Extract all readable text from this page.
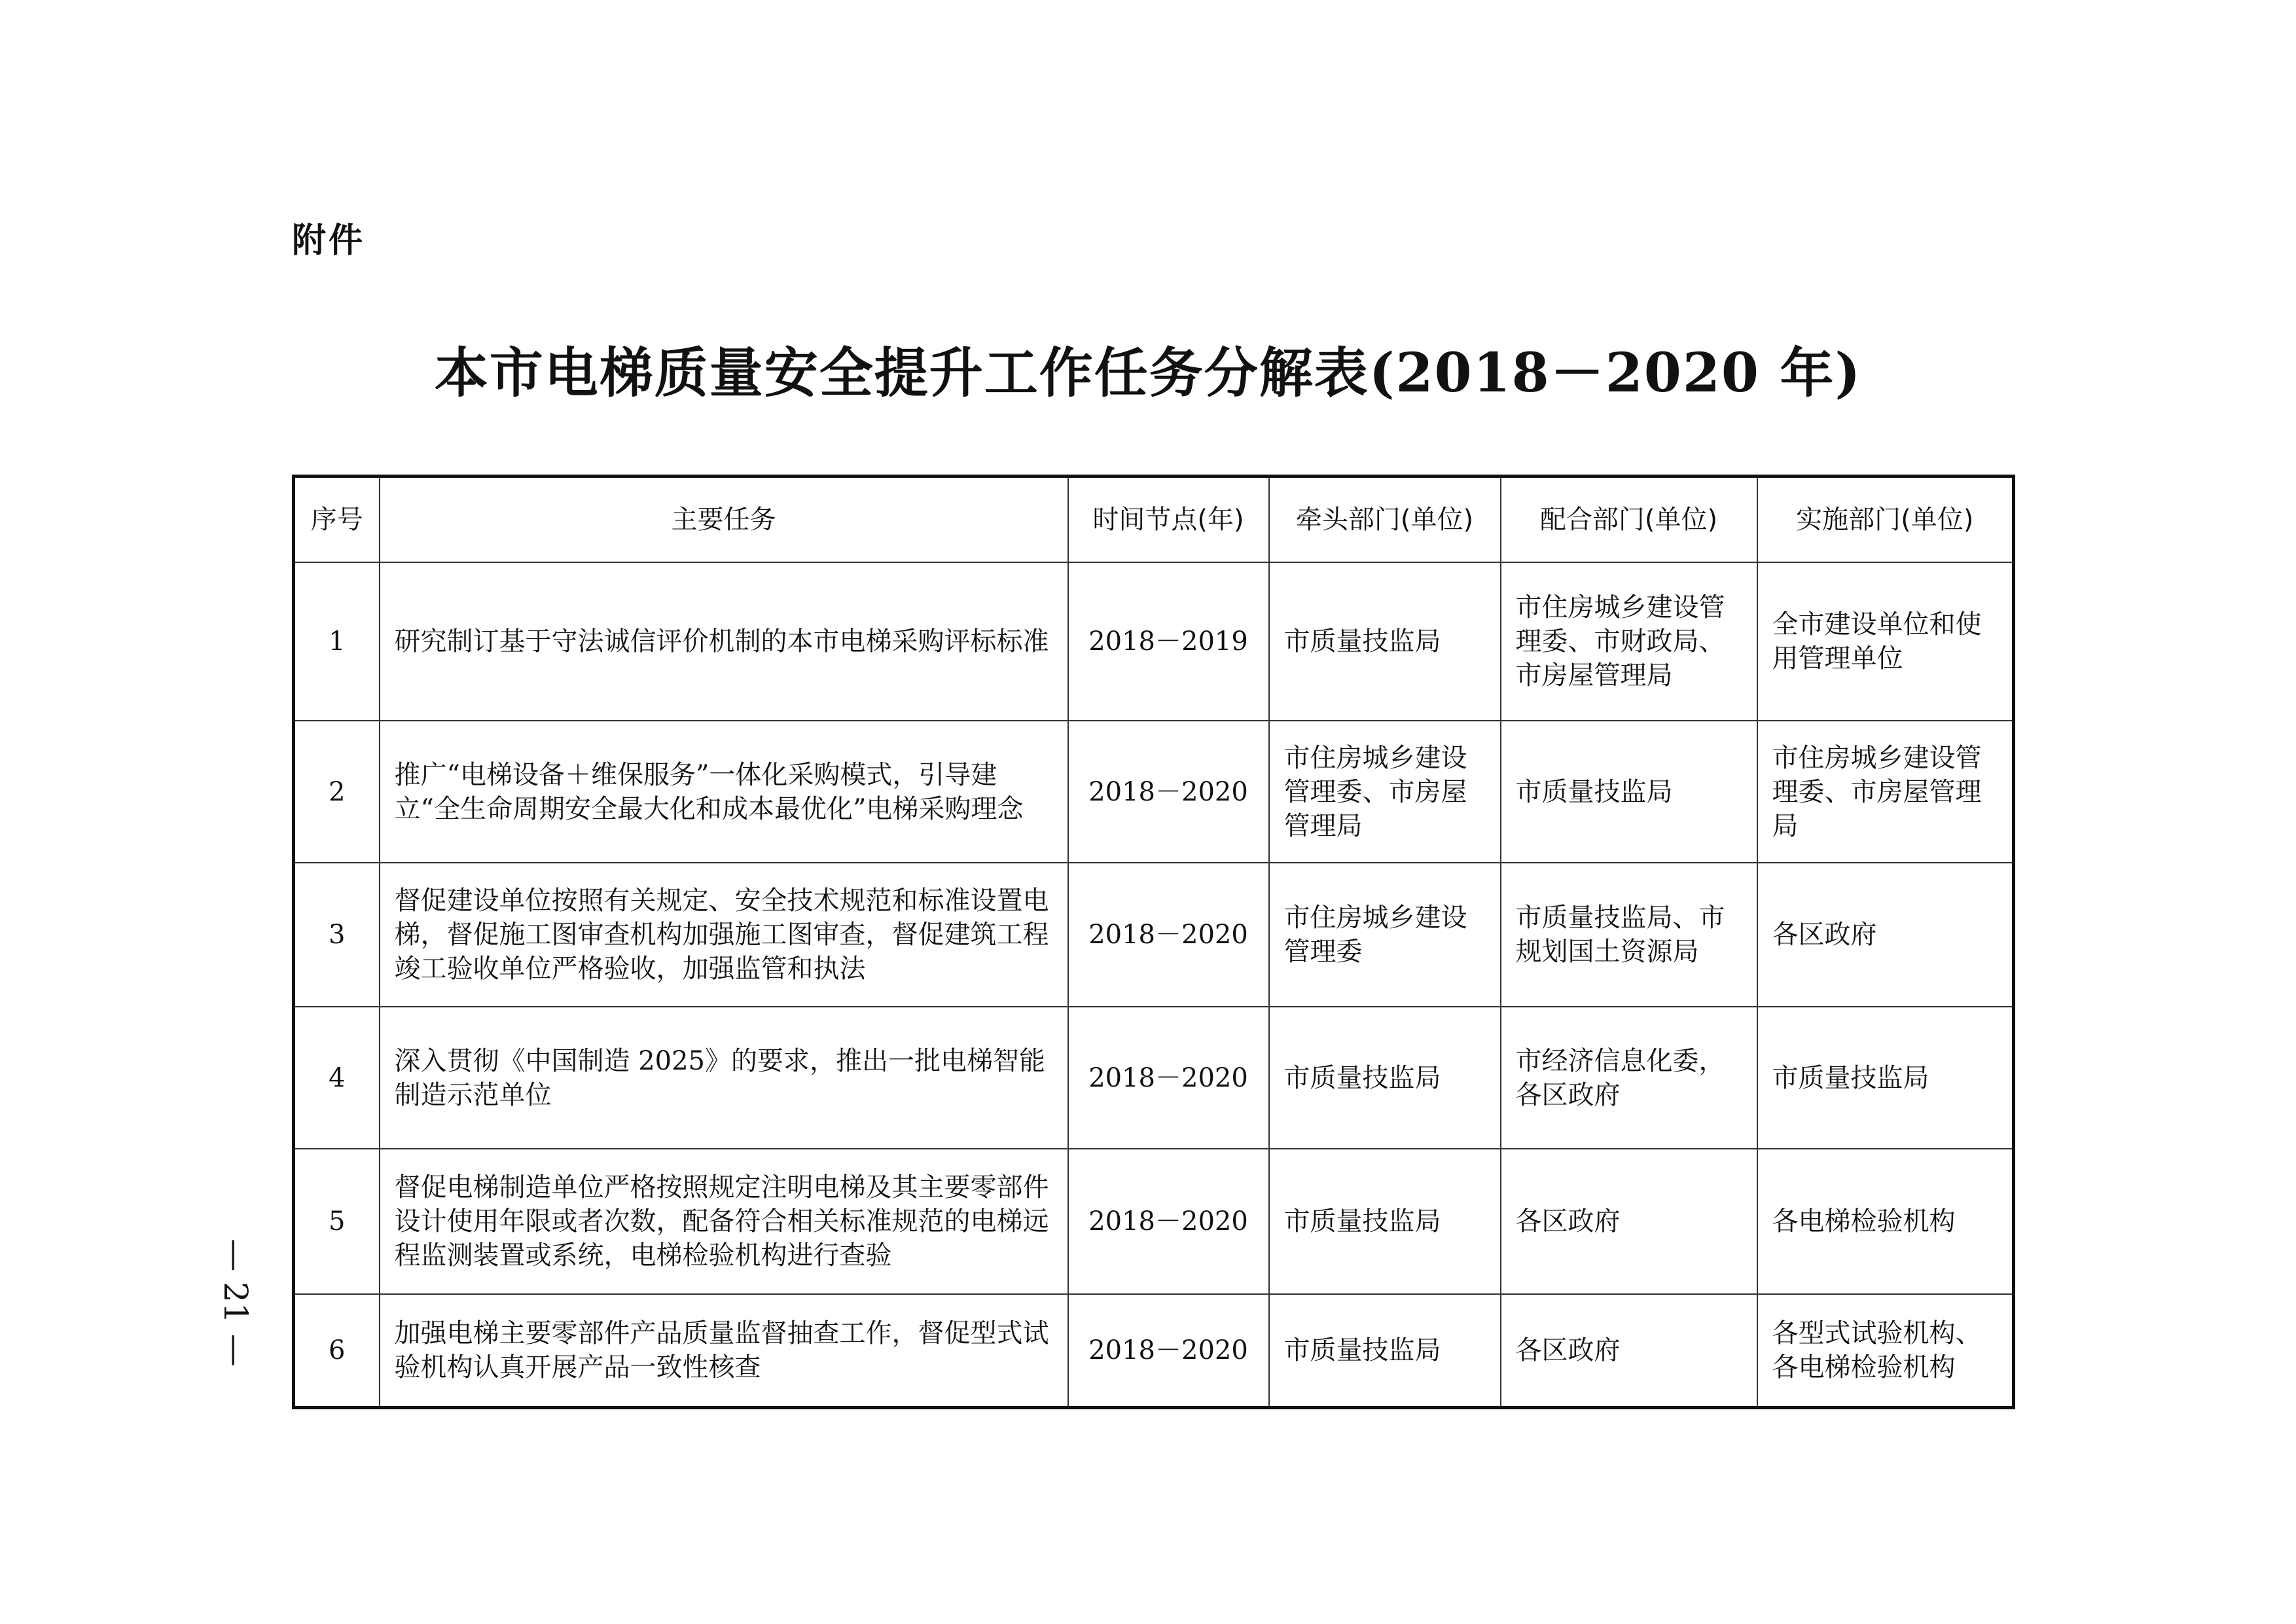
附件
本市电梯质量安全提升工作任务分解表(2018－2020 年)
序号	主要任务	时间节点(年)	牵头部门(单位)	配合部门(单位)	实施部门(单位)
1	研究制订基于守法诚信评价机制的本市电梯采购评标标准	2018－2019	市质量技监局	市住房城乡建设管理委、市财政局、市房屋管理局	全市建设单位和使用管理单位
2	推广“电梯设备＋维保服务”一体化采购模式，引导建立“全生命周期安全最大化和成本最优化”电梯采购理念	2018－2020	市住房城乡建设管理委、市房屋管理局	市质量技监局	市住房城乡建设管理委、市房屋管理局
3	督促建设单位按照有关规定、安全技术规范和标准设置电梯，督促施工图审查机构加强施工图审查，督促建筑工程竣工验收单位严格验收，加强监管和执法	2018－2020	市住房城乡建设管理委	市质量技监局、市规划国土资源局	各区政府
4	深入贯彻《中国制造 2025》的要求，推出一批电梯智能制造示范单位	2018－2020	市质量技监局	市经济信息化委，各区政府	市质量技监局
5	督促电梯制造单位严格按照规定注明电梯及其主要零部件设计使用年限或者次数，配备符合相关标准规范的电梯远程监测装置或系统，电梯检验机构进行查验	2018－2020	市质量技监局	各区政府	各电梯检验机构
6	加强电梯主要零部件产品质量监督抽查工作，督促型式试验机构认真开展产品一致性核查	2018－2020	市质量技监局	各区政府	各型式试验机构、各电梯检验机构
— 21 —
